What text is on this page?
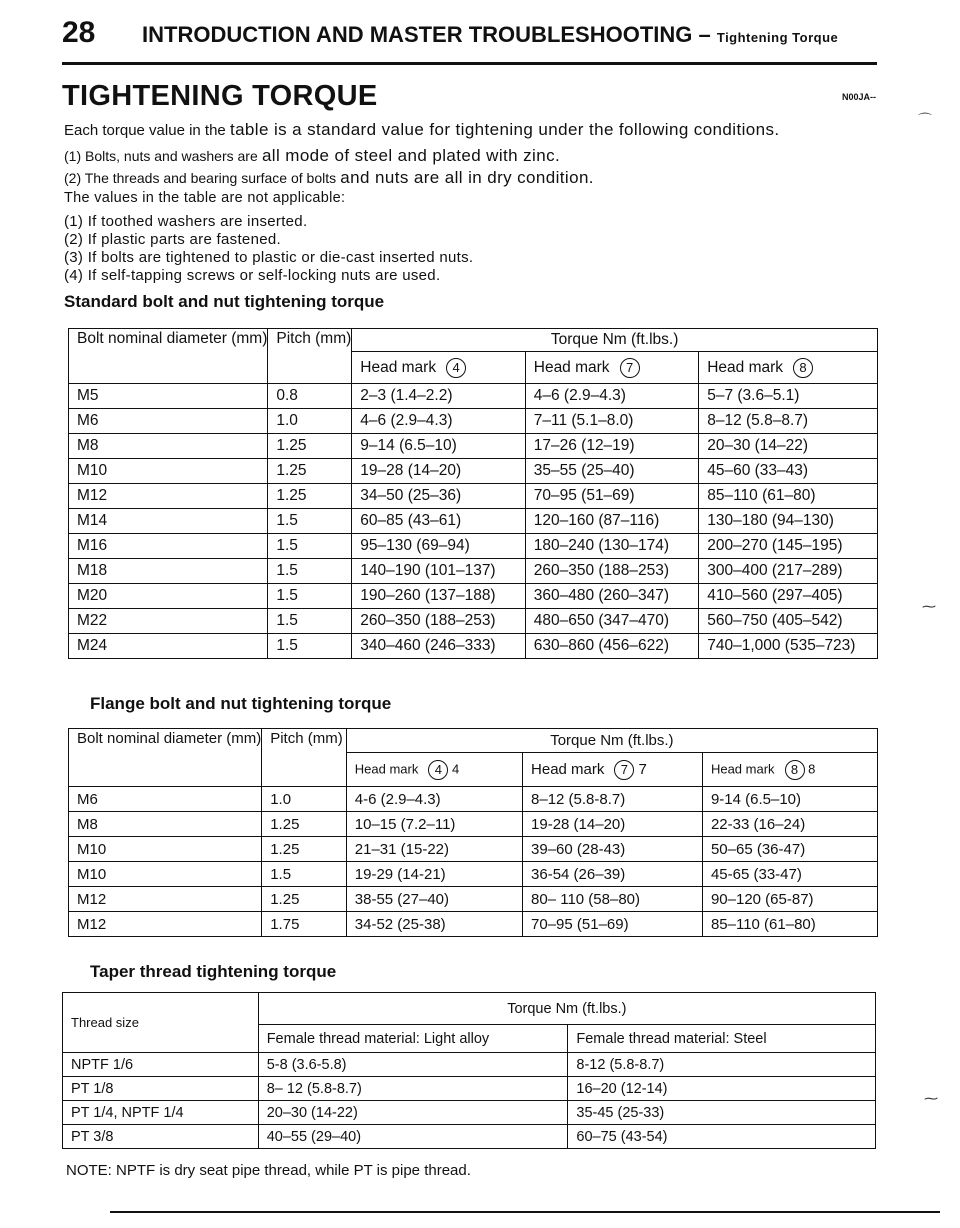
28 INTRODUCTION AND MASTER TROUBLESHOOTING – Tightening Torque
TIGHTENING TORQUE	N00JA--
Each torque value in the table is a standard value for tightening under the following conditions.
(1) Bolts, nuts and washers are all mode of steel and plated with zinc.
(2) The threads and bearing surface of bolts and nuts are all in dry condition.
The values in the table are not applicable:
(1) If toothed washers are inserted.
(2) If plastic parts are fastened.
(3) If bolts are tightened to plastic or die-cast inserted nuts.
(4) If self-tapping screws or self-locking nuts are used.
Standard bolt and nut tightening torque
Bolt nominal diameter (mm)	Pitch (mm)	Torque Nm (ft.lbs.)		
		Head mark 4	Head mark 7	Head mark 8
M5	0.8	2–3 (1.4–2.2)	4–6 (2.9–4.3)	5–7 (3.6–5.1)
M6	1.0	4–6 (2.9–4.3)	7–11 (5.1–8.0)	8–12 (5.8–8.7)
M8	1.25	9–14 (6.5–10)	17–26 (12–19)	20–30 (14–22)
M10	1.25	19–28 (14–20)	35–55 (25–40)	45–60 (33–43)
M12	1.25	34–50 (25–36)	70–95 (51–69)	85–110 (61–80)
M14	1.5	60–85 (43–61)	120–160 (87–116)	130–180 (94–130)
M16	1.5	95–130 (69–94)	180–240 (130–174)	200–270 (145–195)
M18	1.5	140–190 (101–137)	260–350 (188–253)	300–400 (217–289)
M20	1.5	190–260 (137–188)	360–480 (260–347)	410–560 (297–405)
M22	1.5	260–350 (188–253)	480–650 (347–470)	560–750 (405–542)
M24	1.5	340–460 (246–333)	630–860 (456–622)	740–1,000 (535–723)
Flange bolt and nut tightening torque
Bolt nominal diameter (mm)	Pitch (mm)	Torque Nm (ft.lbs.)		
		Head mark 4 4	Head mark 7 7	Head mark 8 8
M6	1.0	4-6 (2.9–4.3)	8–12 (5.8-8.7)	9-14 (6.5–10)
M8	1.25	10–15 (7.2–11)	19-28 (14–20)	22-33 (16–24)
M10	1.25	21–31 (15-22)	39–60 (28-43)	50–65 (36-47)
M10	1.5	19-29 (14-21)	36-54 (26–39)	45-65 (33-47)
M12	1.25	38-55 (27–40)	80– 110 (58–80)	90–120 (65-87)
M12	1.75	34-52 (25-38)	70–95 (51–69)	85–110 (61–80)
Taper thread tightening torque
Thread size	Torque Nm (ft.lbs.)	
	Female thread material: Light alloy	Female thread material: Steel
NPTF 1/6	5-8 (3.6-5.8)	8-12 (5.8-8.7)
PT 1/8	8– 12 (5.8-8.7)	16–20 (12-14)
PT 1/4, NPTF 1/4	20–30 (14-22)	35-45 (25-33)
PT 3/8	40–55 (29–40)	60–75 (43-54)
NOTE: NPTF is dry seat pipe thread, while PT is pipe thread.
⌒
⁓
⁓
